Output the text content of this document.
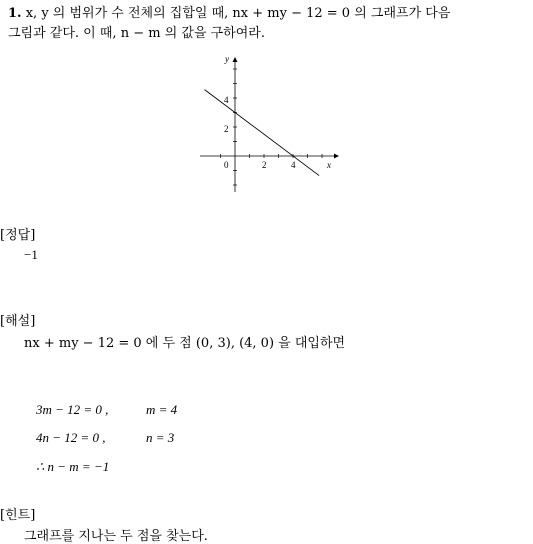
1. x, y 의 범위가 수 전체의 집합일 때, nx + my − 12 = 0 의 그래프가 다음
그림과 같다. 이 때, n − m 의 값을 구하여라.
y
x
0
2
4
2	4
[정답]
−1
[해설]
nx + my − 12 = 0 에 두 점 (0, 3), (4, 0) 을 대입하면
3m − 12 = 0 ,	m = 4
4n − 12 = 0 ,	n = 3
∴ n − m = −1
[힌트]
그래프를 지나는 두 점을 찾는다.
